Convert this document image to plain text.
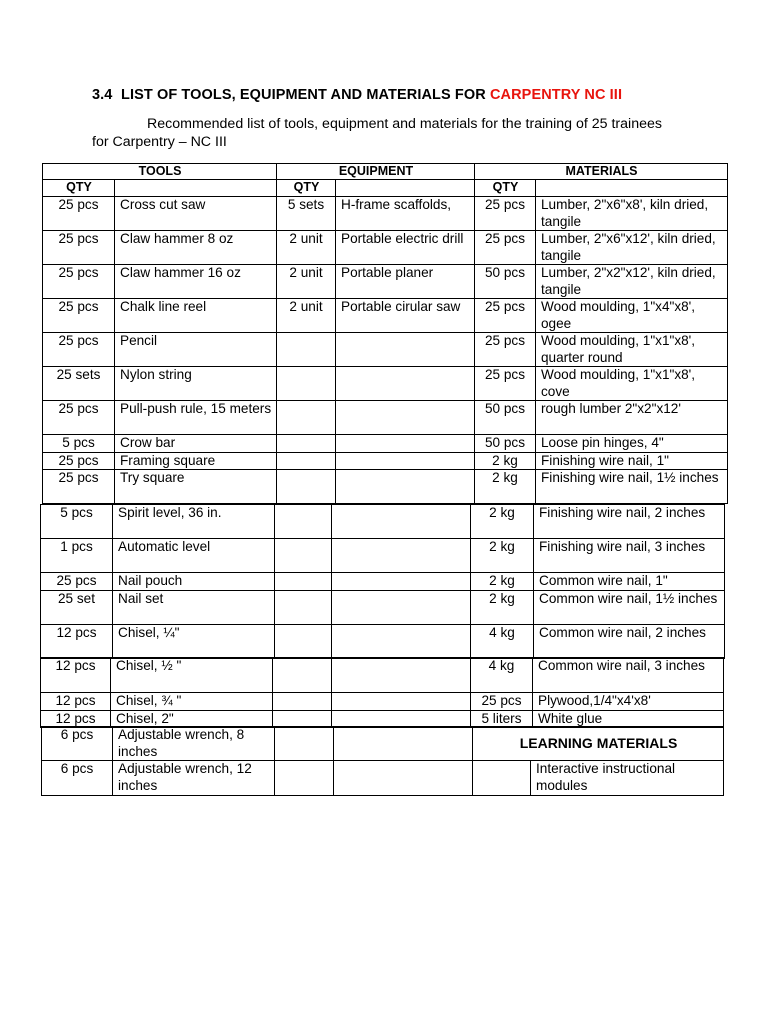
3.4 LIST OF TOOLS, EQUIPMENT AND MATERIALS FOR CARPENTRY NC III
Recommended list of tools, equipment and materials for the training of 25 trainees for Carpentry – NC III
TOOLS		EQUIPMENT		MATERIALS	
QTY		QTY		QTY	
25 pcs	Cross cut saw	5 sets	H-frame scaffolds,	25 pcs	Lumber, 2"x6"x8', kiln dried, tangile
25 pcs	Claw hammer 8 oz	2 unit	Portable electric drill	25 pcs	Lumber, 2"x6"x12', kiln dried, tangile
25 pcs	Claw hammer 16 oz	2 unit	Portable planer	50 pcs	Lumber, 2"x2"x12', kiln dried, tangile
25 pcs	Chalk line reel	2 unit	Portable cirular saw	25 pcs	Wood moulding, 1"x4"x8', ogee
25 pcs	Pencil			25 pcs	Wood moulding, 1"x1"x8', quarter round
25 sets	Nylon string			25 pcs	Wood moulding, 1"x1"x8', cove
25 pcs	Pull-push rule, 15 meters			50 pcs	rough lumber 2"x2"x12'
5 pcs	Crow bar			50 pcs	Loose pin hinges, 4"
25 pcs	Framing square			2 kg	Finishing wire nail, 1"
25 pcs	Try square			2 kg	Finishing wire nail, 1½ inches
5 pcs	Spirit level, 36 in.			2 kg	Finishing wire nail, 2 inches
1 pcs	Automatic level			2 kg	Finishing wire nail, 3 inches
25 pcs	Nail pouch			2 kg	Common wire nail, 1"
25 set	Nail set			2 kg	Common wire nail, 1½ inches
12 pcs	Chisel, ¼"			4 kg	Common wire nail, 2 inches
12 pcs	Chisel, ½ "			4 kg	Common wire nail, 3 inches
12 pcs	Chisel, ¾ "			25 pcs	Plywood,1/4"x4'x8'
12 pcs	Chisel, 2"			5 liters	White glue
6 pcs	Adjustable wrench, 8 inches			LEARNING MATERIALS	
6 pcs	Adjustable wrench, 12 inches				Interactive instructional modules
